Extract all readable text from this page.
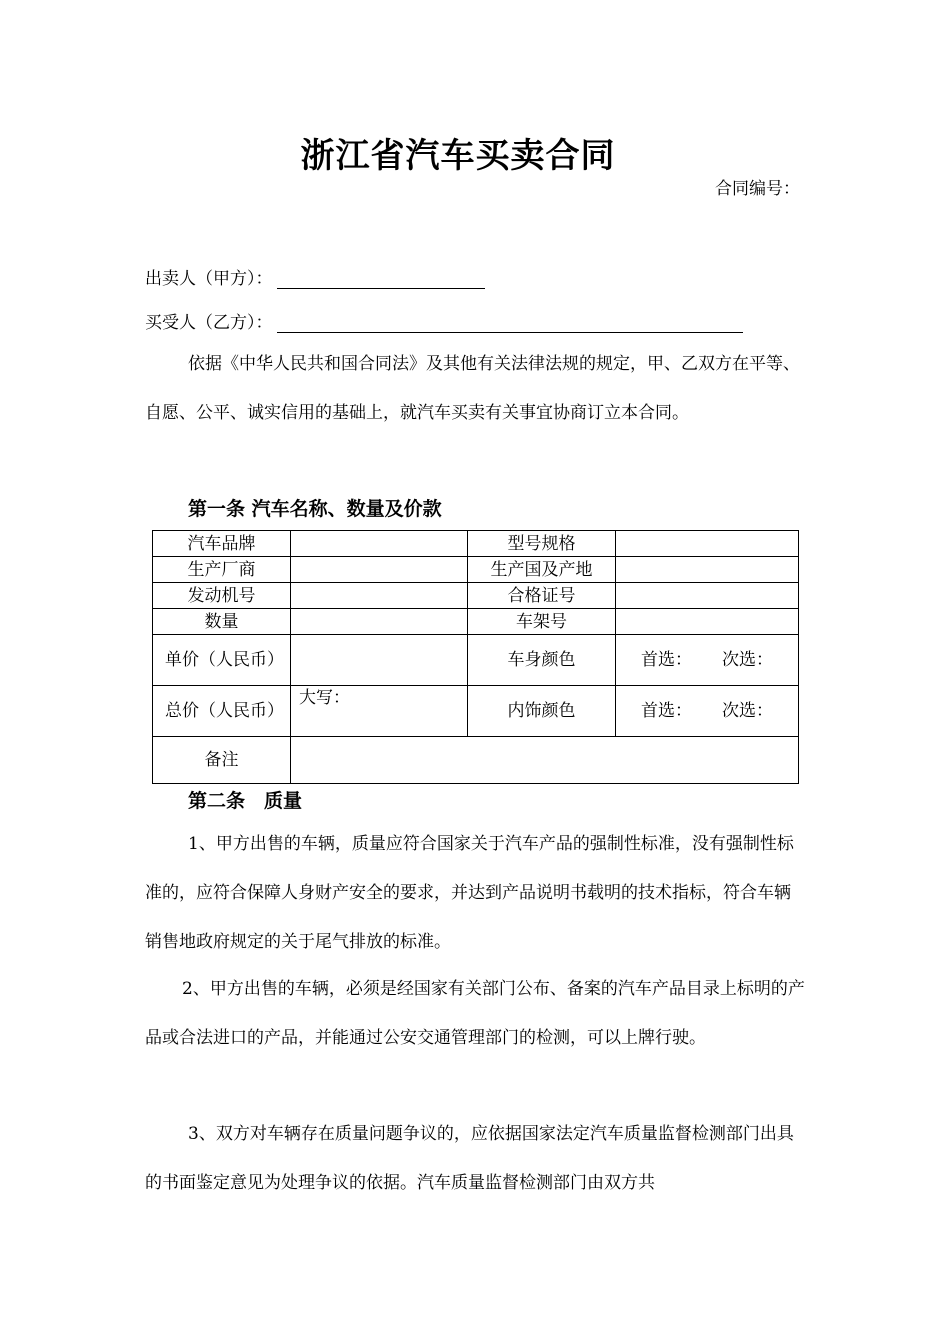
浙江省汽车买卖合同
合同编号：
出卖人（甲方）：
买受人（乙方）：
依据《中华人民共和国合同法》及其他有关法律法规的规定，甲、乙双方在平等、自愿、公平、诚实信用的基础上，就汽车买卖有关事宜协商订立本合同。
第一条 汽车名称、数量及价款
汽车品牌		型号规格	
生产厂商		生产国及产地	
发动机号		合格证号	
数量		车架号	
单价（人民币）		车身颜色	首选： 次选：
总价（人民币）	大写：	内饰颜色	首选： 次选：
备注			
第二条　质量
1、甲方出售的车辆，质量应符合国家关于汽车产品的强制性标准，没有强制性标准的，应符合保障人身财产安全的要求，并达到产品说明书载明的技术指标，符合车辆销售地政府规定的关于尾气排放的标准。
2、甲方出售的车辆，必须是经国家有关部门公布、备案的汽车产品目录上标明的产品或合法进口的产品，并能通过公安交通管理部门的检测，可以上牌行驶。
3、双方对车辆存在质量问题争议的，应依据国家法定汽车质量监督检测部门出具的书面鉴定意见为处理争议的依据。汽车质量监督检测部门由双方共
